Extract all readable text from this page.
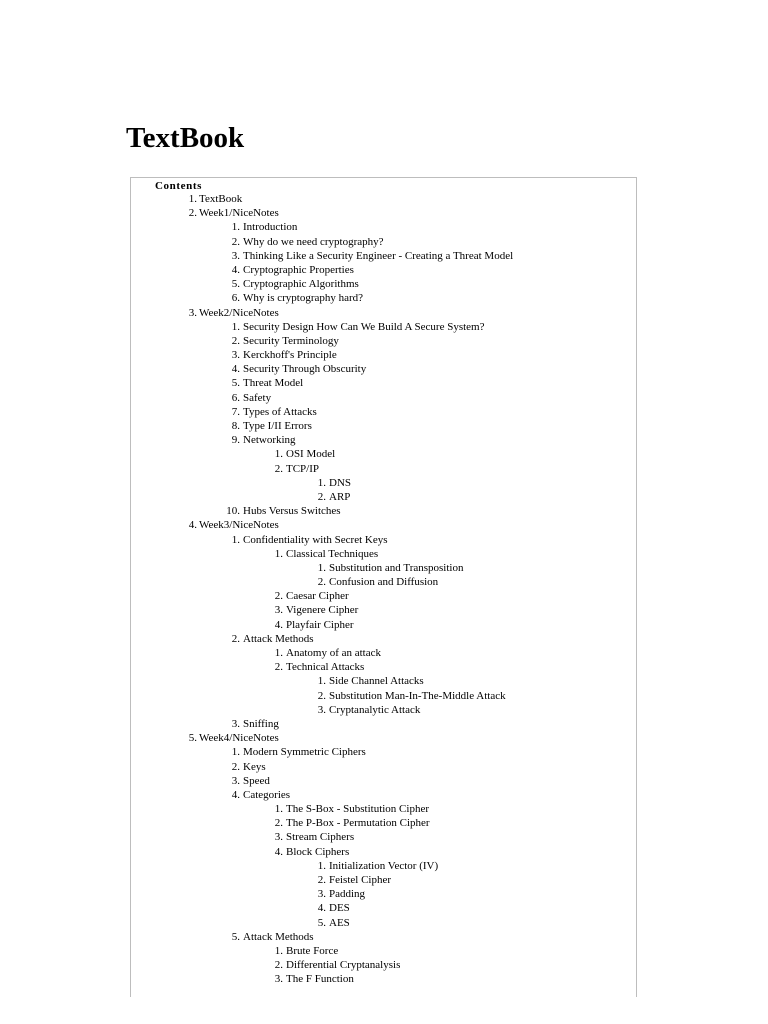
TextBook
Contents
1. TextBook
2. Week1/NiceNotes
1. Introduction
2. Why do we need cryptography?
3. Thinking Like a Security Engineer - Creating a Threat Model
4. Cryptographic Properties
5. Cryptographic Algorithms
6. Why is cryptography hard?
3. Week2/NiceNotes
1. Security Design How Can We Build A Secure System?
2. Security Terminology
3. Kerckhoff's Principle
4. Security Through Obscurity
5. Threat Model
6. Safety
7. Types of Attacks
8. Type I/II Errors
9. Networking
1. OSI Model
2. TCP/IP
1. DNS
2. ARP
10. Hubs Versus Switches
4. Week3/NiceNotes
1. Confidentiality with Secret Keys
1. Classical Techniques
1. Substitution and Transposition
2. Confusion and Diffusion
2. Caesar Cipher
3. Vigenere Cipher
4. Playfair Cipher
2. Attack Methods
1. Anatomy of an attack
2. Technical Attacks
1. Side Channel Attacks
2. Substitution Man-In-The-Middle Attack
3. Cryptanalytic Attack
3. Sniffing
5. Week4/NiceNotes
1. Modern Symmetric Ciphers
2. Keys
3. Speed
4. Categories
1. The S-Box - Substitution Cipher
2. The P-Box - Permutation Cipher
3. Stream Ciphers
4. Block Ciphers
1. Initialization Vector (IV)
2. Feistel Cipher
3. Padding
4. DES
5. AES
5. Attack Methods
1. Brute Force
2. Differential Cryptanalysis
3. The F Function
